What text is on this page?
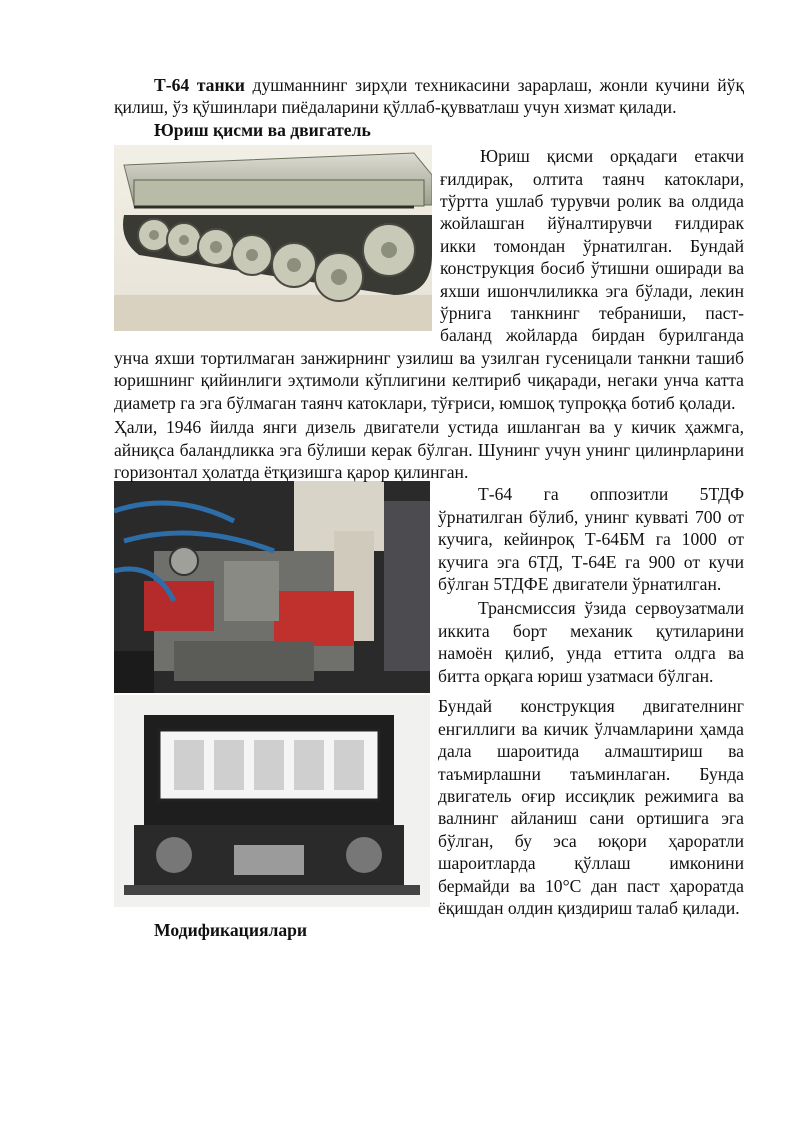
Т-64 танки душманнинг зирҳли техникасини зарарлаш, жонли кучини йўқ қилиш, ўз қўшинлари пиёдаларини қўллаб-қувватлаш учун хизмат қилади.

Юриш қисми ва двигатель

Юриш қисми орқадаги етакчи ғилдирак, олтита таянч катоклари, тўртта ушлаб турувчи ролик ва олдида жойлашган йўналтирувчи ғилдирак икки томондан ўрнатилган. Бундай конструкция босиб ўтишни оширади ва яхши ишончлиликка эга бўлади, лекин ўрнига танкнинг тебраниши, паст-баланд жойларда бирдан бурилганда унча яхши тортилмаган занжирнинг узилиш ва узилган гусеницали танкни ташиб юришнинг қийинлиги эҳтимоли кўплигини келтириб чиқаради, негаки унча катта диаметр га эга бўлмаган таянч катоклари, тўғриси, юмшоқ тупроққа ботиб қолади.

Ҳали, 1946 йилда янги дизель двигатели устида ишланган ва у кичик ҳажмга, айниқса баландликка эга бўлиши керак бўлган. Шунинг учун унинг цилинрларини горизонтал ҳолатда ётқизишга қарор қилинган.

Т-64 га оппозитли 5ТДФ ўрнатилган бўлиб, унинг кувватi 700 от кучига, кейинроқ Т-64БМ га 1000 от кучига эга 6ТД, Т-64Е га 900 от кучи бўлган 5ТДФЕ двигатели ўрнатилган.

Трансмиссия ўзида сервоузатмали иккита борт механик қутиларини намоён қилиб, унда еттита олдга ва битта орқага юриш узатмаси бўлган.

Бундай конструкция двигателнинг енгиллиги ва кичик ўлчамларини ҳамда дала шароитида алмаштириш ва таъмирлашни таъминлаган. Бунда двигатель оғир иссиқлик режимига ва валнинг айланиш сани ортишига эга бўлган, бу эса юқори ҳароратли шароитларда қўллаш имконини бермайди ва 10°С дан паст ҳароратда ёқишдан олдин қиздириш талаб қилади.

Модификациялари
